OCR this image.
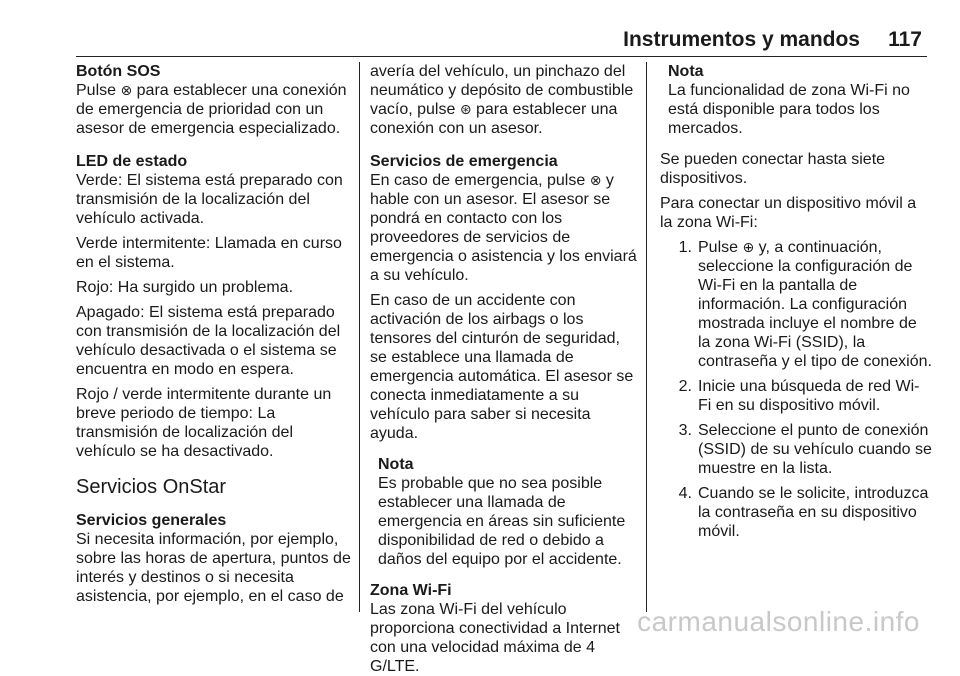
Instrumentos y mandos 117

Botón SOS

Pulse ⊗ para establecer una conexión de emergencia de prioridad con un asesor de emergencia especializado.

LED de estado

Verde: El sistema está preparado con transmisión de la localización del vehículo activada.

Verde intermitente: Llamada en curso en el sistema.

Rojo: Ha surgido un problema.

Apagado: El sistema está preparado con transmisión de la localización del vehículo desactivada o el sistema se encuentra en modo en espera.

Rojo / verde intermitente durante un breve periodo de tiempo: La transmisión de localización del vehículo se ha desactivado.

Servicios OnStar

Servicios generales

Si necesita información, por ejemplo, sobre las horas de apertura, puntos de interés y destinos o si necesita asistencia, por ejemplo, en el caso de

avería del vehículo, un pinchazo del neumático y depósito de combustible vacío, pulse ⊛ para establecer una conexión con un asesor.

Servicios de emergencia

En caso de emergencia, pulse ⊗ y hable con un asesor. El asesor se pondrá en contacto con los proveedores de servicios de emergencia o asistencia y los enviará a su vehículo.

En caso de un accidente con activación de los airbags o los tensores del cinturón de seguridad, se establece una llamada de emergencia automática. El asesor se conecta inmediatamente a su vehículo para saber si necesita ayuda.

Nota

Es probable que no sea posible establecer una llamada de emergencia en áreas sin suficiente disponibilidad de red o debido a daños del equipo por el accidente.

Zona Wi-Fi

Las zona Wi-Fi del vehículo proporciona conectividad a Internet con una velocidad máxima de 4 G/LTE.

Nota

La funcionalidad de zona Wi-Fi no está disponible para todos los mercados.

Se pueden conectar hasta siete dispositivos.

Para conectar un dispositivo móvil a la zona Wi-Fi:

1. Pulse ⊕ y, a continuación, seleccione la configuración de Wi-Fi en la pantalla de información. La configuración mostrada incluye el nombre de la zona Wi-Fi (SSID), la contraseña y el tipo de conexión.
2. Inicie una búsqueda de red Wi-Fi en su dispositivo móvil.
3. Seleccione el punto de conexión (SSID) de su vehículo cuando se muestre en la lista.
4. Cuando se le solicite, introduzca la contraseña en su dispositivo móvil.
carmanualsonline.info
